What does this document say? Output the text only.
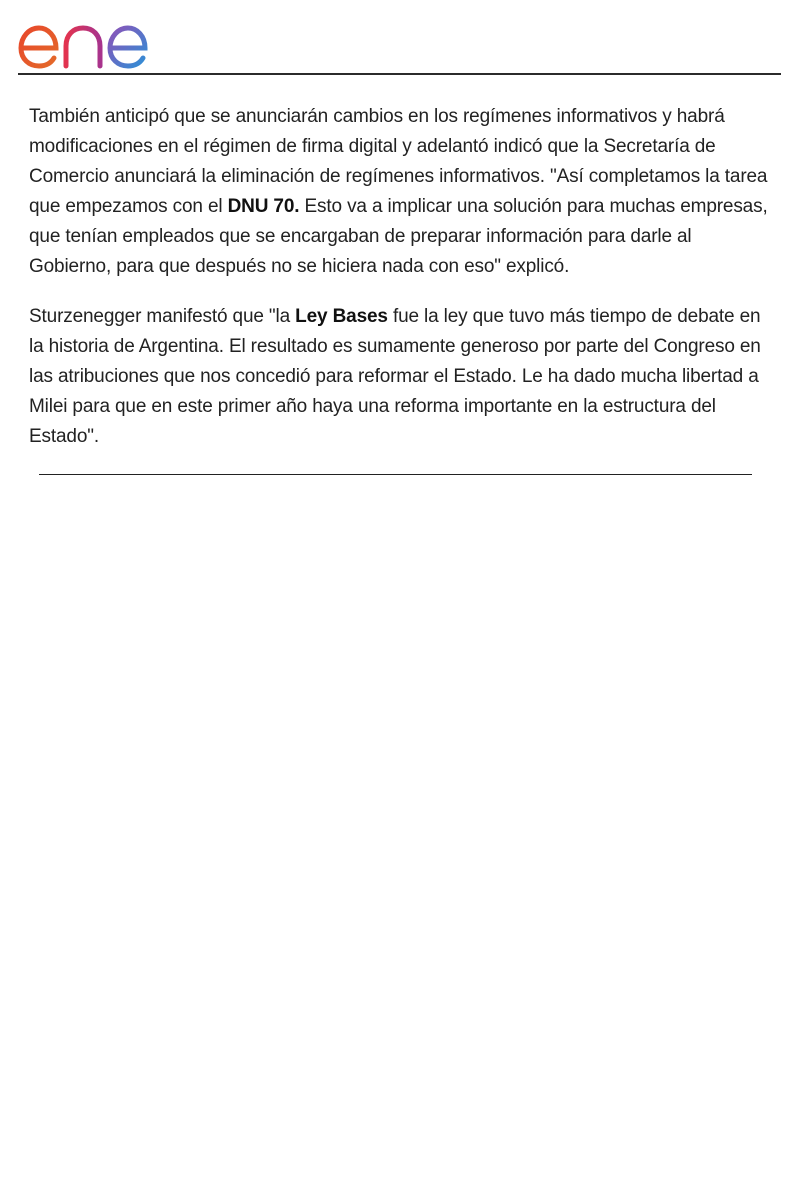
También anticipó que se anunciarán cambios en los regímenes informativos y habrá modificaciones en el régimen de firma digital y adelantó indicó que la Secretaría de Comercio anunciará la eliminación de regímenes informativos. "Así completamos la tarea que empezamos con el DNU 70. Esto va a implicar una solución para muchas empresas, que tenían empleados que se encargaban de preparar información para darle al Gobierno, para que después no se hiciera nada con eso" explicó.

Sturzenegger manifestó que "la Ley Bases fue la ley que tuvo más tiempo de debate en la historia de Argentina. El resultado es sumamente generoso por parte del Congreso en las atribuciones que nos concedió para reformar el Estado. Le ha dado mucha libertad a Milei para que en este primer año haya una reforma importante en la estructura del Estado".
